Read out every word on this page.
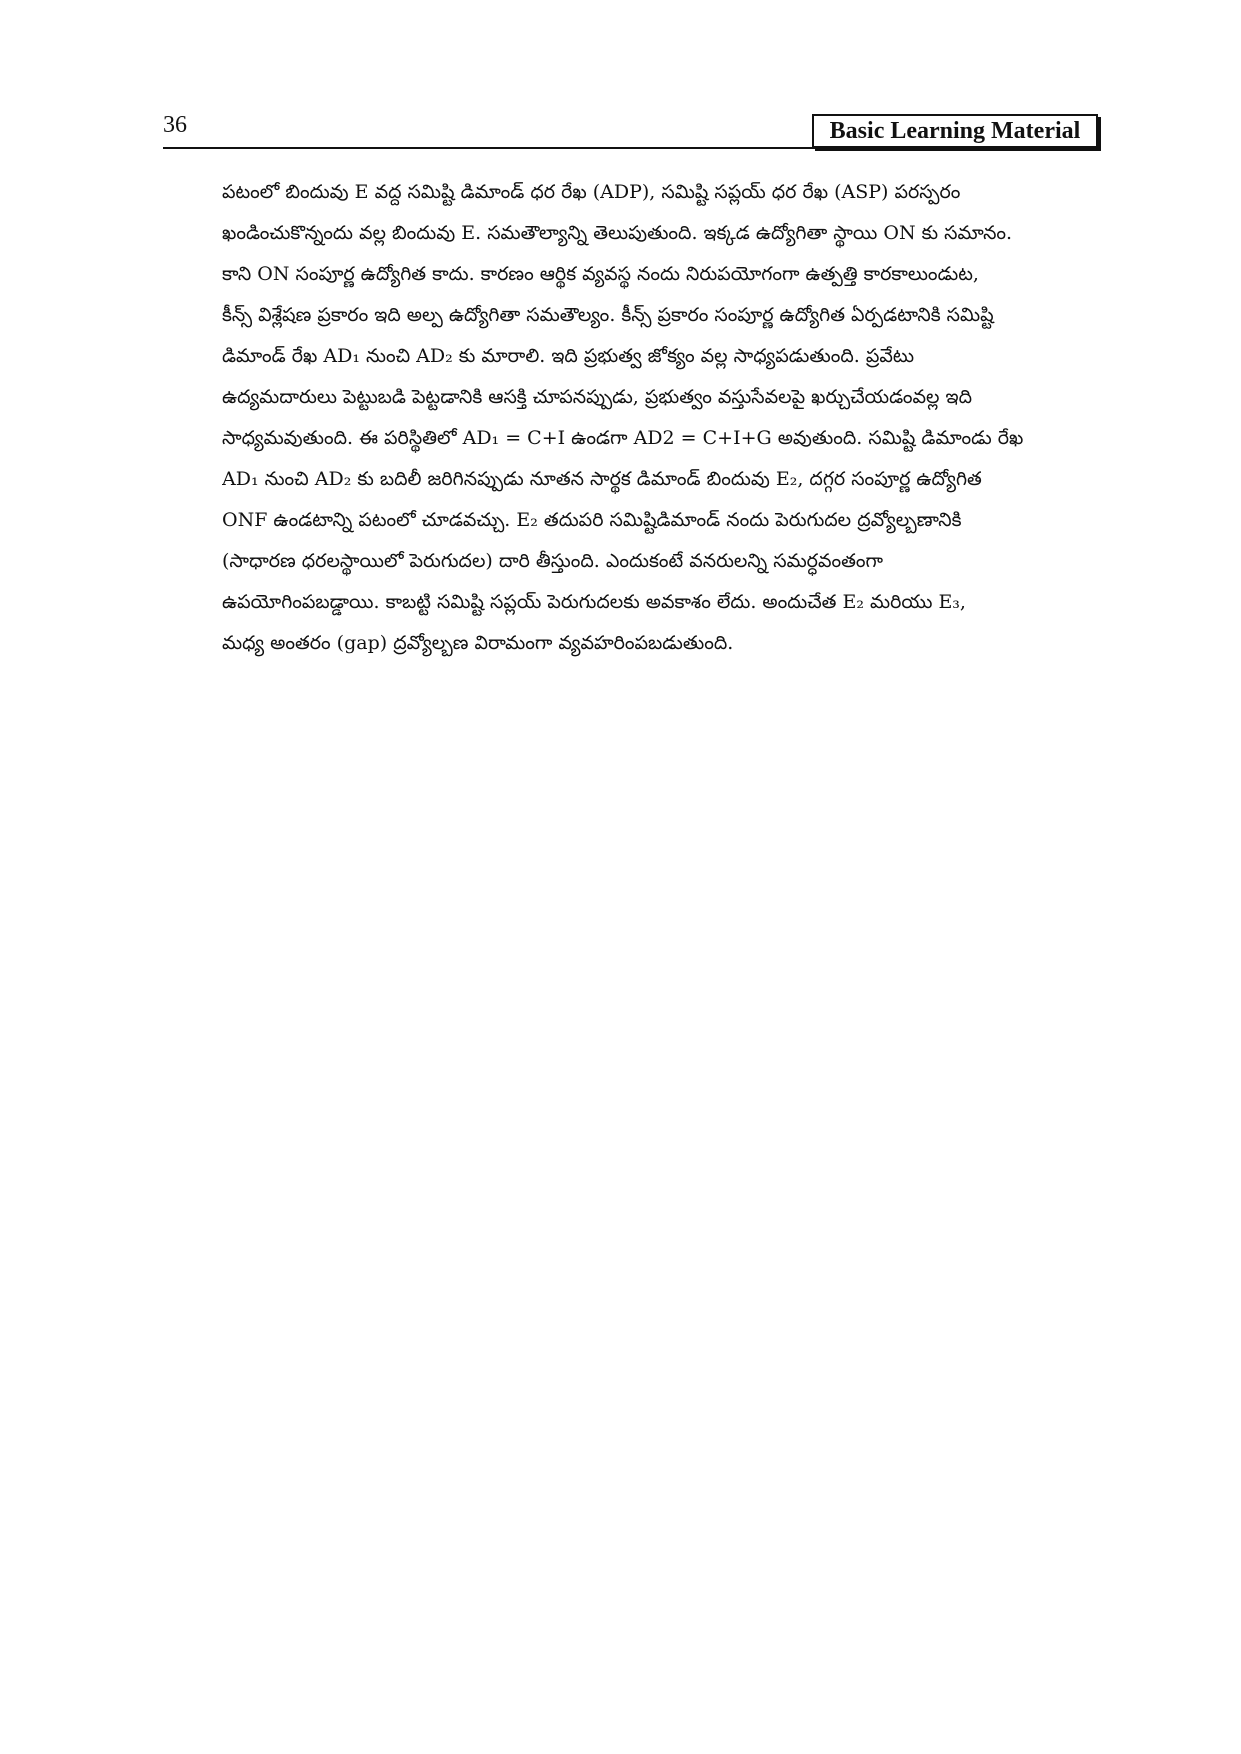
36	Basic Learning Material
పటంలో బిందువు E వద్ద సమిష్టి డిమాండ్ ధర రేఖ (ADP), సమిష్టి సప్లయ్ ధర రేఖ (ASP) పరస్పరం
ఖండించుకొన్నందు వల్ల బిందువు E. సమతౌల్యాన్ని తెలుపుతుంది. ఇక్కడ ఉద్యోగితా స్థాయి ON కు సమానం.
కాని ON సంపూర్ణ ఉద్యోగిత కాదు. కారణం ఆర్థిక వ్యవస్థ నందు నిరుపయోగంగా ఉత్పత్తి కారకాలుండుట,
కీన్స్ విశ్లేషణ ప్రకారం ఇది అల్ప ఉద్యోగితా సమతౌల్యం. కీన్స్ ప్రకారం సంపూర్ణ ఉద్యోగిత ఏర్పడటానికి సమిష్టి
డిమాండ్ రేఖ AD₁ నుంచి AD₂ కు మారాలి. ఇది ప్రభుత్వ జోక్యం వల్ల సాధ్యపడుతుంది. ప్రవేటు
ఉద్యమదారులు పెట్టుబడి పెట్టడానికి ఆసక్తి చూపనప్పుడు, ప్రభుత్వం వస్తుసేవలపై ఖర్చుచేయడంవల్ల ఇది
సాధ్యమవుతుంది. ఈ పరిస్థితిలో AD₁ = C+I ఉండగా AD2 = C+I+G అవుతుంది. సమిష్టి డిమాండు రేఖ
AD₁ నుంచి AD₂ కు బదిలీ జరిగినప్పుడు నూతన సార్థక డిమాండ్ బిందువు E₂, దగ్గర సంపూర్ణ ఉద్యోగిత
ONF ఉండటాన్ని పటంలో చూడవచ్చు. E₂ తదుపరి సమిష్టిడిమాండ్ నందు పెరుగుదల ద్రవ్యోల్బణానికి
(సాధారణ ధరలస్థాయిలో పెరుగుదల) దారి తీస్తుంది. ఎందుకంటే వనరులన్ని సమర్ధవంతంగా
ఉపయోగింపబడ్డాయి. కాబట్టి సమిష్టి సప్లయ్ పెరుగుదలకు అవకాశం లేదు. అందుచేత E₂ మరియు E₃,
మధ్య అంతరం (gap) ద్రవ్యోల్బణ విరామంగా వ్యవహరింపబడుతుంది.
